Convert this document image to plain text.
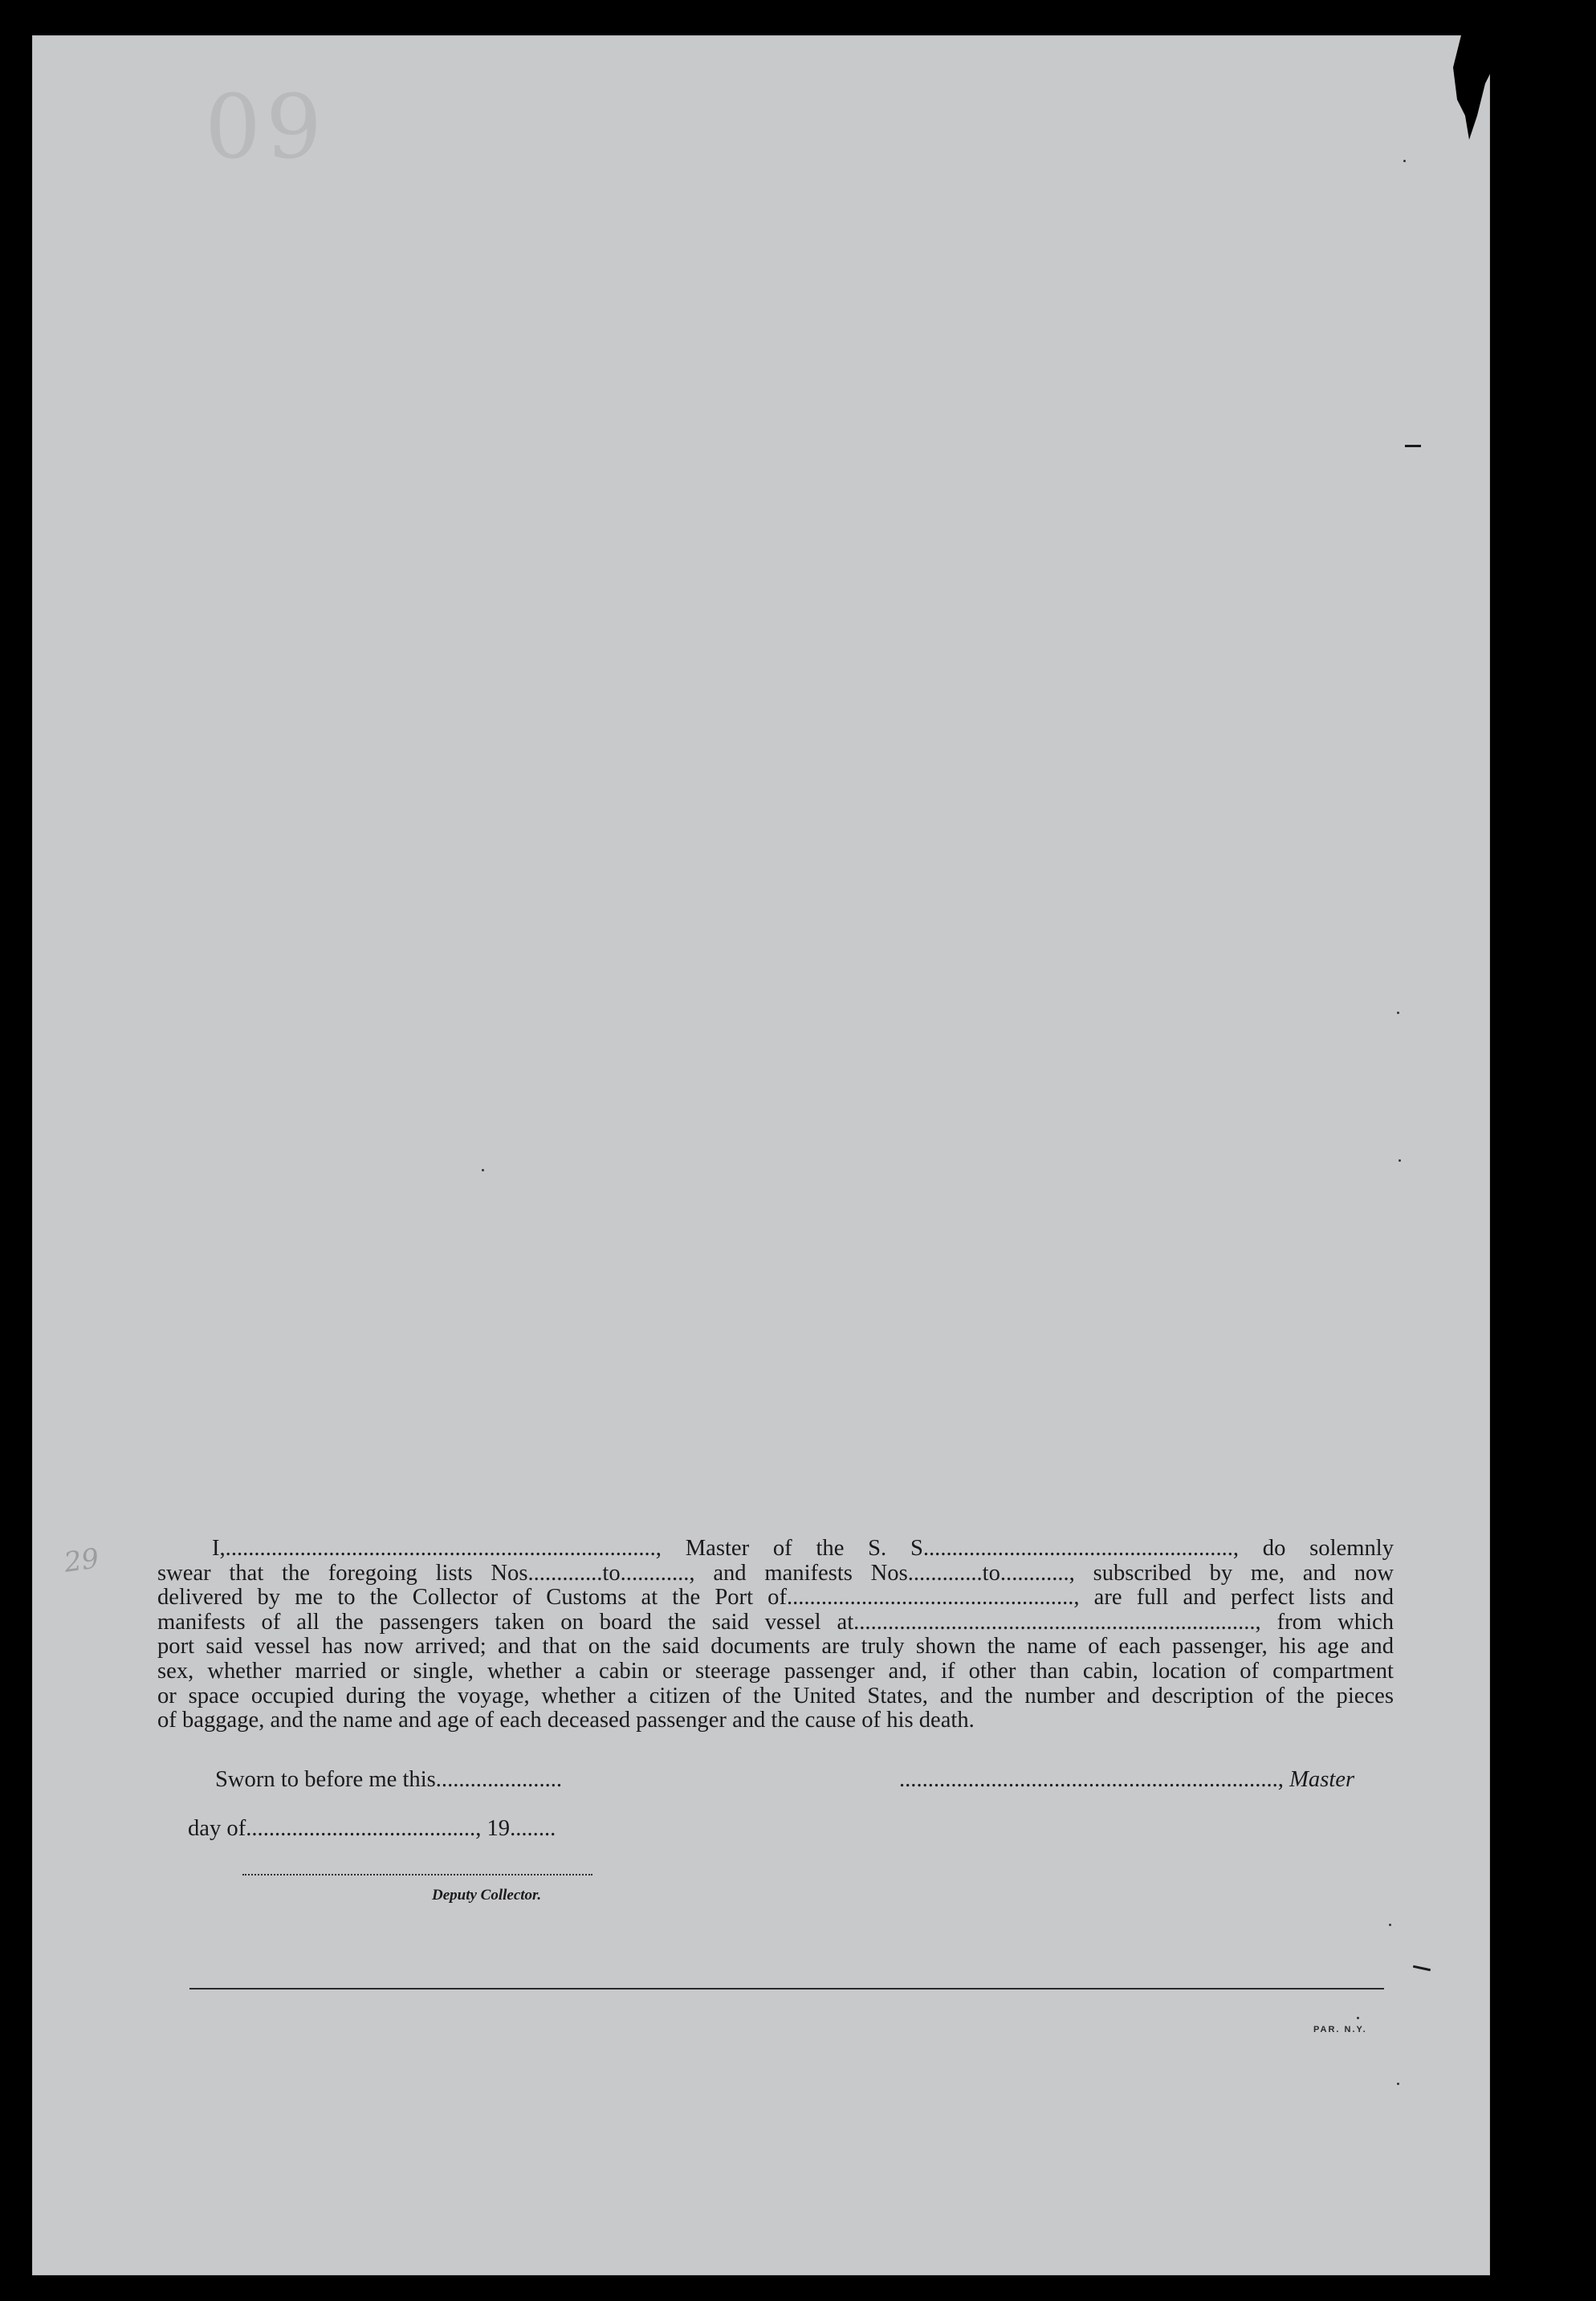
09
29	I,..........................................................................., Master of the S. S......................................................, do solemnly
swear that the foregoing lists Nos.............to............, and manifests Nos.............to............, subscribed by me, and now
delivered by me to the Collector of Customs at the Port of.................................................., are full and perfect lists and
manifests of all the passengers taken on board the said vessel at......................................................................, from which
port said vessel has now arrived; and that on the said documents are truly shown the name of each passenger, his age and
sex, whether married or single, whether a cabin or steerage passenger and, if other than cabin, location of compartment
or space occupied during the voyage, whether a citizen of the United States, and the number and description of the pieces
of baggage, and the name and age of each deceased passenger and the cause of his death.
Sworn to before me this......................	.................................................................., Master
day of........................................, 19........
Deputy Collector.
PAR. N.Y.
